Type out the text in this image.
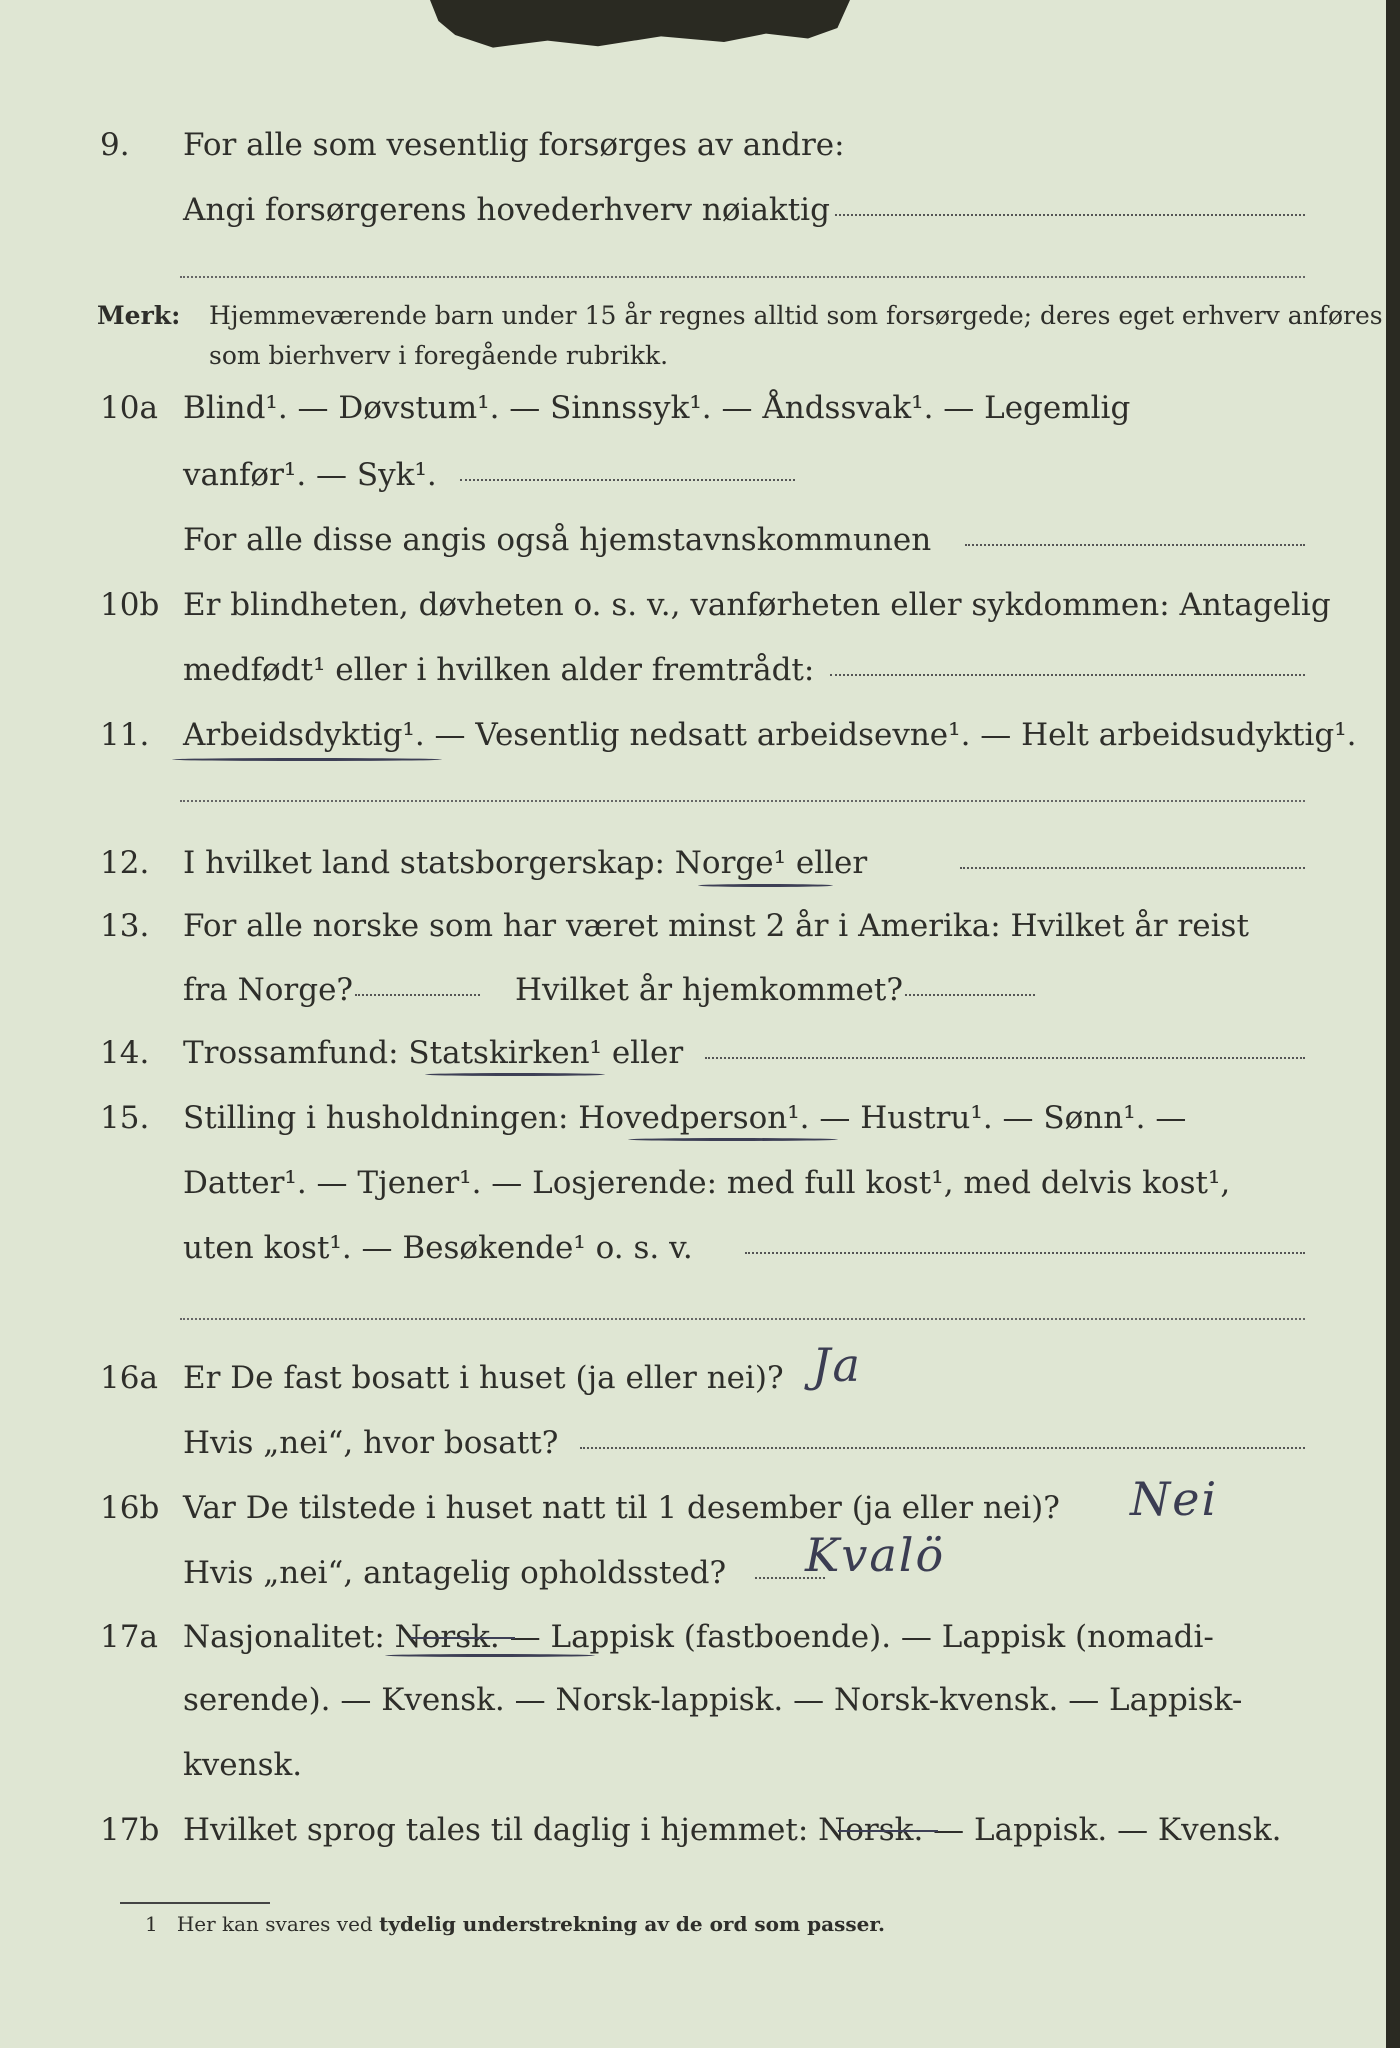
9. For alle som vesentlig forsørges av andre:
Angi forsørgerens hovederhverv nøiaktig
Merk: Hjemmeværende barn under 15 år regnes alltid som forsørgede; deres eget erhverv anføres som bierhverv i foregående rubrikk.
10a Blind¹. — Døvstum¹. — Sinnssyk¹. — Åndssvak¹. — Legemlig
vanfør¹. — Syk¹.
For alle disse angis også hjemstavnskommunen
10b Er blindheten, døvheten o. s. v., vanførheten eller sykdommen: Antagelig
medfødt¹ eller i hvilken alder fremtrådt:
11. Arbeidsdyktig¹. — Vesentlig nedsatt arbeidsevne¹. — Helt arbeidsudyktig¹.
12. I hvilket land statsborgerskap: Norge¹ eller
13. For alle norske som har været minst 2 år i Amerika: Hvilket år reist
fra Norge?	Hvilket år hjemkommet?
14. Trossamfund: Statskirken¹ eller
15. Stilling i husholdningen: Hovedperson¹. — Hustru¹. — Sønn¹. —
Datter¹. — Tjener¹. — Losjerende: med full kost¹, med delvis kost¹,
uten kost¹. — Besøkende¹ o. s. v.
16a Er De fast bosatt i huset (ja eller nei)? Ja
Hvis „nei“, hvor bosatt?
16b Var De tilstede i huset natt til 1 desember (ja eller nei)? Nei
Hvis „nei“, antagelig opholdssted? Kvalö
17a Nasjonalitet: Norsk. — Lappisk (fastboende). — Lappisk (nomadi-
serende). — Kvensk. — Norsk-lappisk. — Norsk-kvensk. — Lappisk-
kvensk.
17b Hvilket sprog tales til daglig i hjemmet: Norsk. — Lappisk. — Kvensk.
1 Her kan svares ved tydelig understrekning av de ord som passer.
